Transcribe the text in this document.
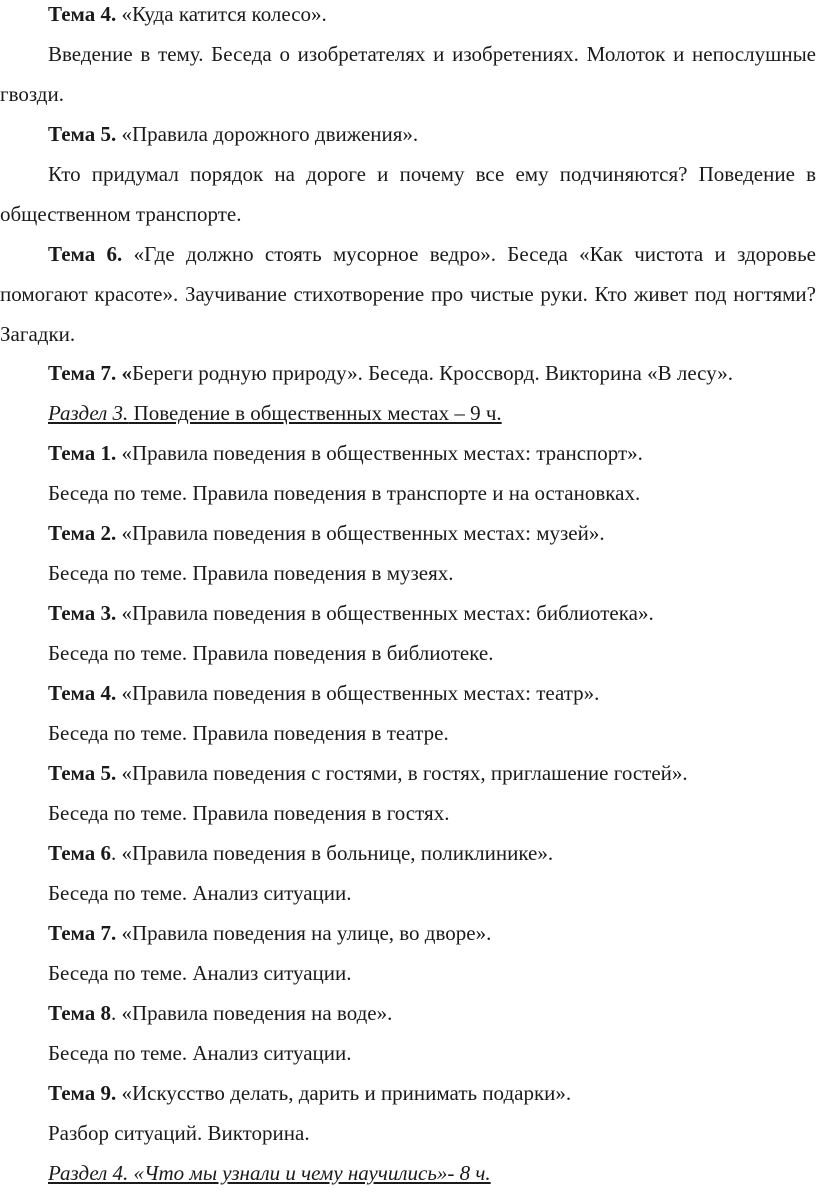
Тема 4. «Куда катится колесо».
Введение в тему. Беседа о изобретателях и изобретениях. Молоток и непослушные гвозди.
Тема 5. «Правила дорожного движения».
Кто придумал порядок на дороге и почему все ему подчиняются? Поведение в общественном транспорте.
Тема 6. «Где должно стоять мусорное ведро». Беседа «Как чистота и здоровье помогают красоте». Заучивание стихотворение про чистые руки. Кто живет под ногтями? Загадки.
Тема 7. «Береги родную природу». Беседа. Кроссворд. Викторина «В лесу».
Раздел 3. Поведение в общественных местах – 9 ч.
Тема 1. «Правила поведения в общественных местах: транспорт».
Беседа по теме. Правила поведения в транспорте и на остановках.
Тема 2. «Правила поведения в общественных местах: музей».
Беседа по теме. Правила поведения в музеях.
Тема 3. «Правила поведения в общественных местах: библиотека».
Беседа по теме. Правила поведения в библиотеке.
Тема 4. «Правила поведения в общественных местах: театр».
Беседа по теме. Правила поведения в театре.
Тема 5. «Правила поведения с гостями, в гостях, приглашение гостей».
Беседа по теме. Правила поведения в гостях.
Тема 6. «Правила поведения в больнице, поликлинике».
Беседа по теме. Анализ ситуации.
Тема 7. «Правила поведения на улице, во дворе».
Беседа по теме. Анализ ситуации.
Тема 8. «Правила поведения на воде».
Беседа по теме. Анализ ситуации.
Тема 9. «Искусство делать, дарить и принимать подарки».
Разбор ситуаций. Викторина.
Раздел 4. «Что мы узнали и чему научились»- 8 ч.
